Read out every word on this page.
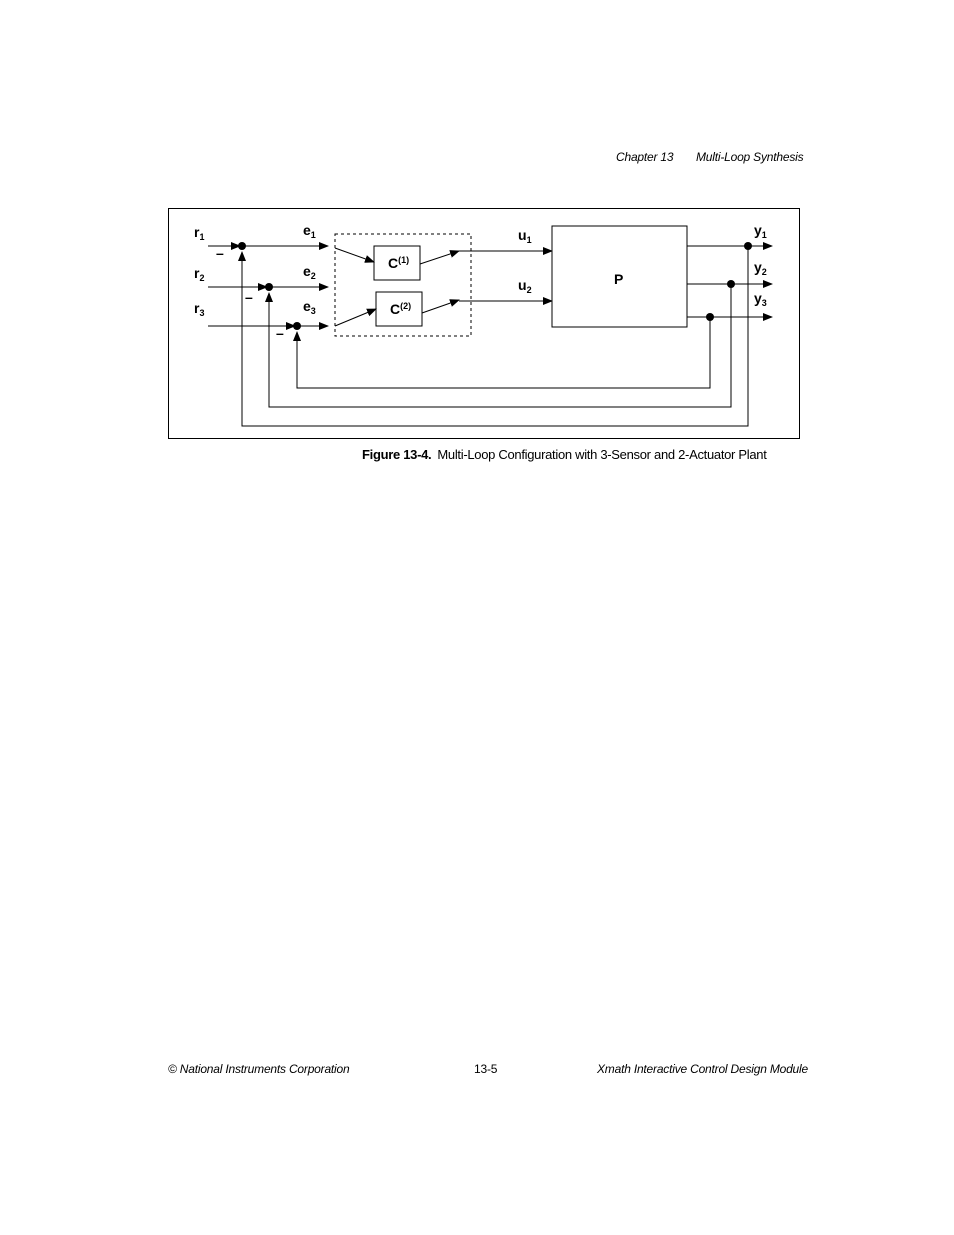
Chapter 13 Multi-Loop Synthesis
–
–
–
r1
r2
r3
e1
e2
e3
u1
u2
y1
y2
y3
$C^{(1)}$
$C^{(2)}$
P
Figure 13-4. Multi-Loop Configuration with 3-Sensor and 2-Actuator Plant
© National Instruments Corporation	13-5	Xmath Interactive Control Design Module
